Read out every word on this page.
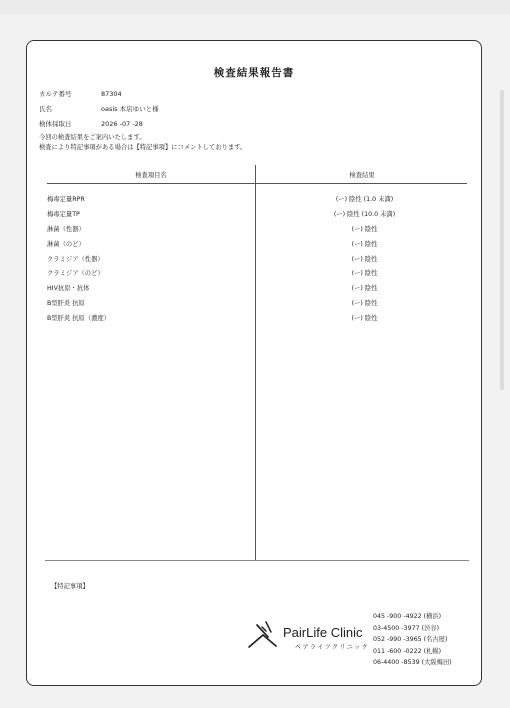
検査結果報告書
カルテ番号	87304
氏名	oasis 本店ゆいと様
検体採取日	2026 -07 -28
今回の検査結果をご案内いたします。
検査により特記事項がある場合は【特記事項】にコメントしております。
検査項目名	検査結果
梅毒定量RPR	(ー) 陰性 (1.0 未満)
梅毒定量TP	(ー) 陰性 (10.0 未満)
淋菌（性器）	(ー) 陰性
淋菌（のど）	(ー) 陰性
クラミジア（性器）	(ー) 陰性
クラミジア（のど）	(ー) 陰性
HIV抗原・抗体	(ー) 陰性
B型肝炎 抗原	(ー) 陰性
B型肝炎 抗原（濃度）	(ー) 陰性
【特記事項】
PairLife Clinic
ペアライフクリニック
045 -900 -4922 (横浜)
03-4500 -3977 (渋谷)
052 -990 -3965 (名古屋)
011 -600 -0222 (札幌)
06-4400 -8539 (大阪梅田)
